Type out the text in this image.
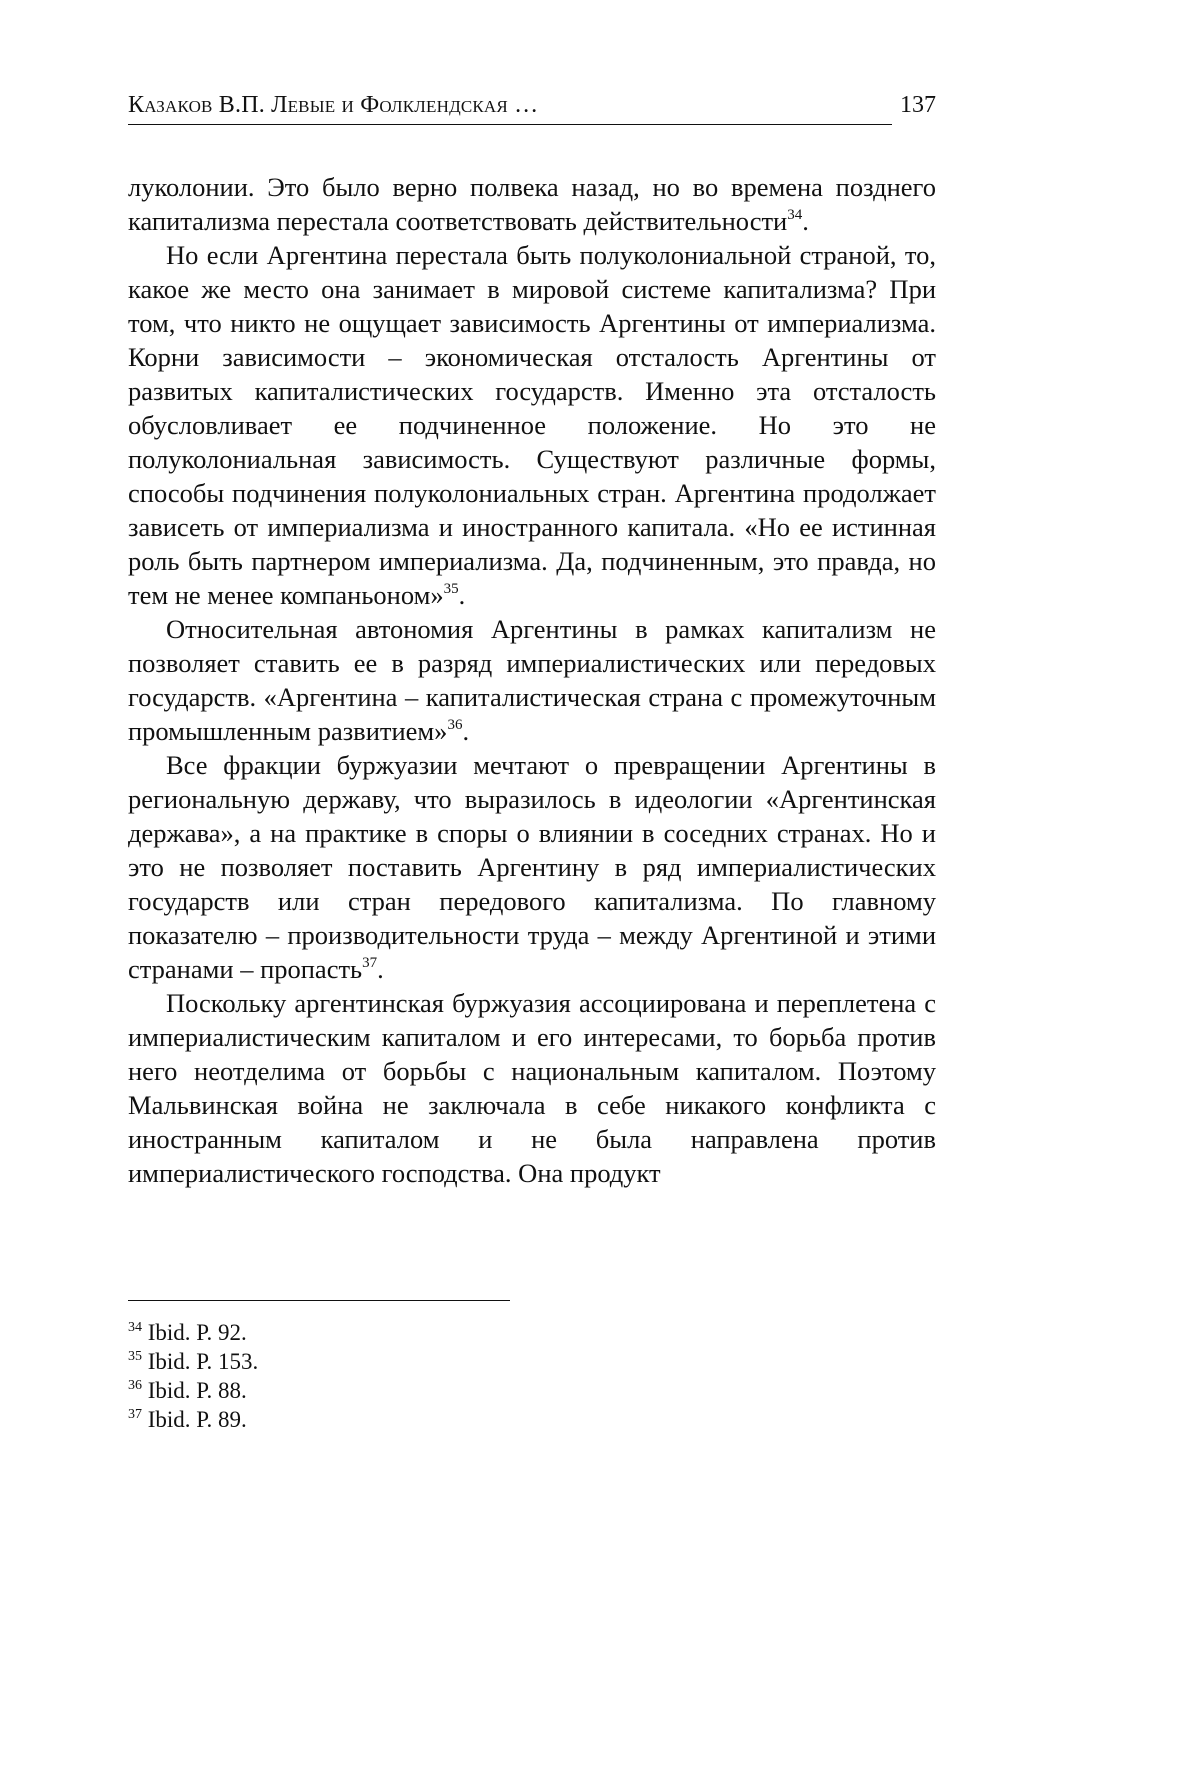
Казаков В.П. Левые и Фолклендская …	137

луколонии. Это было верно полвека назад, но во времена позднего капитализма перестала соответствовать действительности$^{34}$.

Но если Аргентина перестала быть полуколониальной страной, то, какое же место она занимает в мировой системе капитализма? При том, что никто не ощущает зависимость Аргентины от империализма. Корни зависимости – экономическая отсталость Аргентины от развитых капиталистических государств. Именно эта отсталость обусловливает ее подчиненное положение. Но это не полуколониальная зависимость. Существуют различные формы, способы подчинения полуколониальных стран. Аргентина продолжает зависеть от империализма и иностранного капитала. «Но ее истинная роль быть партнером империализма. Да, подчиненным, это правда, но тем не менее компаньоном»$^{35}$.

Относительная автономия Аргентины в рамках капитализм не позволяет ставить ее в разряд империалистических или передовых государств. «Аргентина – капиталистическая страна с промежуточным промышленным развитием»$^{36}$.

Все фракции буржуазии мечтают о превращении Аргентины в региональную державу, что выразилось в идеологии «Аргентинская держава», а на практике в споры о влиянии в соседних странах. Но и это не позволяет поставить Аргентину в ряд империалистических государств или стран передового капитализма. По главному показателю – производительности труда – между Аргентиной и этими странами – пропасть$^{37}$.

Поскольку аргентинская буржуазия ассоциирована и переплетена с империалистическим капиталом и его интересами, то борьба против него неотделима от борьбы с национальным капиталом. Поэтому Мальвинская война не заключала в себе никакого конфликта с иностранным капиталом и не была направлена против империалистического господства. Она продукт

$^{34}$ Ibid. P. 92.
$^{35}$ Ibid. P. 153.
$^{36}$ Ibid. P. 88.
$^{37}$ Ibid. P. 89.
